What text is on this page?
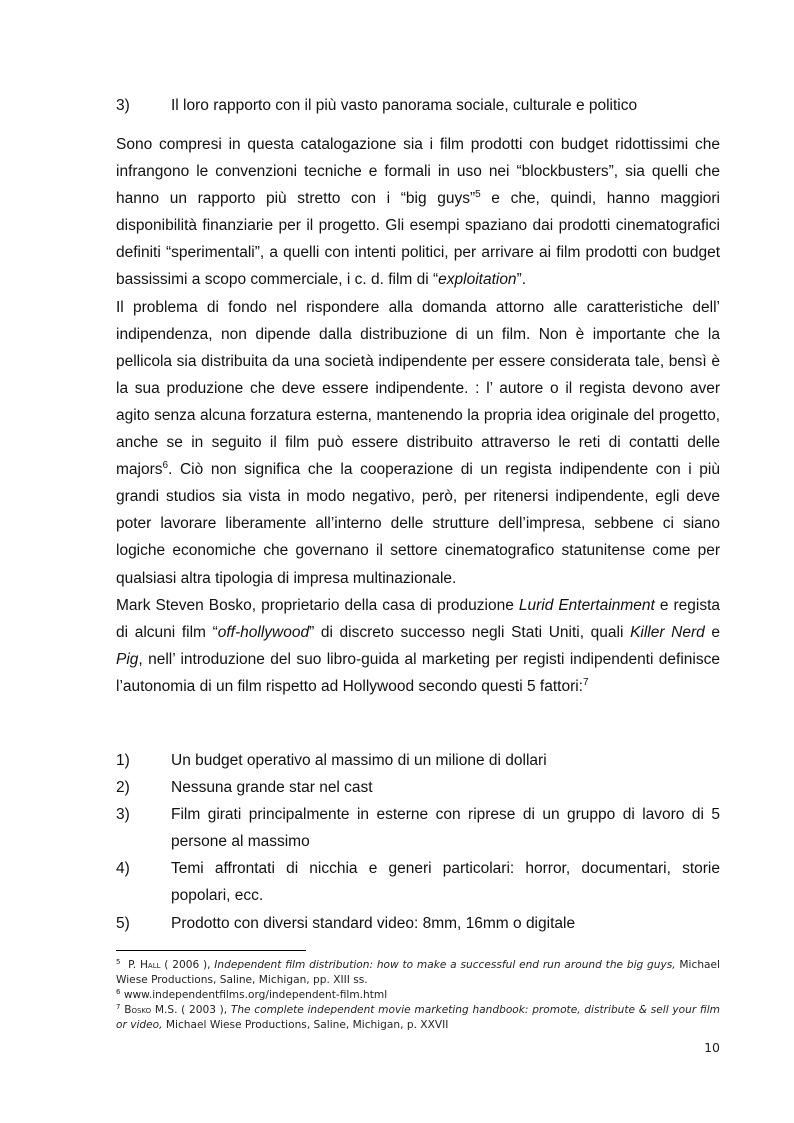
3)	Il loro rapporto con il più vasto panorama sociale, culturale e politico

Sono compresi in questa catalogazione sia i film prodotti con budget ridottissimi che infrangono le convenzioni tecniche e formali in uso nei “blockbusters”, sia quelli che hanno un rapporto più stretto con i “big guys”$^5$ e che, quindi, hanno maggiori disponibilità finanziarie per il progetto. Gli esempi spaziano dai prodotti cinematografici definiti “sperimentali”, a quelli con intenti politici, per arrivare ai film prodotti con budget bassissimi a scopo commerciale, i c. d. film di “exploitation”.

Il problema di fondo nel rispondere alla domanda attorno alle caratteristiche dell’ indipendenza, non dipende dalla distribuzione di un film. Non è importante che la pellicola sia distribuita da una società indipendente per essere considerata tale, bensì è la sua produzione che deve essere indipendente. : l’ autore o il regista devono aver agito senza alcuna forzatura esterna, mantenendo la propria idea originale del progetto, anche se in seguito il film può essere distribuito attraverso le reti di contatti delle majors$^6$. Ciò non significa che la cooperazione di un regista indipendente con i più grandi studios sia vista in modo negativo, però, per ritenersi indipendente, egli deve poter lavorare liberamente all’interno delle strutture dell’impresa, sebbene ci siano logiche economiche che governano il settore cinematografico statunitense come per qualsiasi altra tipologia di impresa multinazionale.

Mark Steven Bosko, proprietario della casa di produzione Lurid Entertainment e regista di alcuni film “off-hollywood” di discreto successo negli Stati Uniti, quali Killer Nerd e Pig, nell’ introduzione del suo libro-guida al marketing per registi indipendenti definisce l’autonomia di un film rispetto ad Hollywood secondo questi 5 fattori:$^7$

1)	Un budget operativo al massimo di un milione di dollari
2)	Nessuna grande star nel cast
3)	Film girati principalmente in esterne con riprese di un gruppo di lavoro di 5 persone al massimo
4)	Temi affrontati di nicchia e generi particolari: horror, documentari, storie popolari, ecc.
5)	Prodotto con diversi standard video: 8mm, 16mm o digitale

$^5$ P. Hall ( 2006 ), Independent film distribution: how to make a successful end run around the big guys, Michael Wiese Productions, Saline, Michigan, pp. XIII ss.

$^6$ www.independentfilms.org/independent-film.html

$^7$ Bosko M.S. ( 2003 ), The complete independent movie marketing handbook: promote, distribute & sell your film or video, Michael Wiese Productions, Saline, Michigan, p. XXVII

10
